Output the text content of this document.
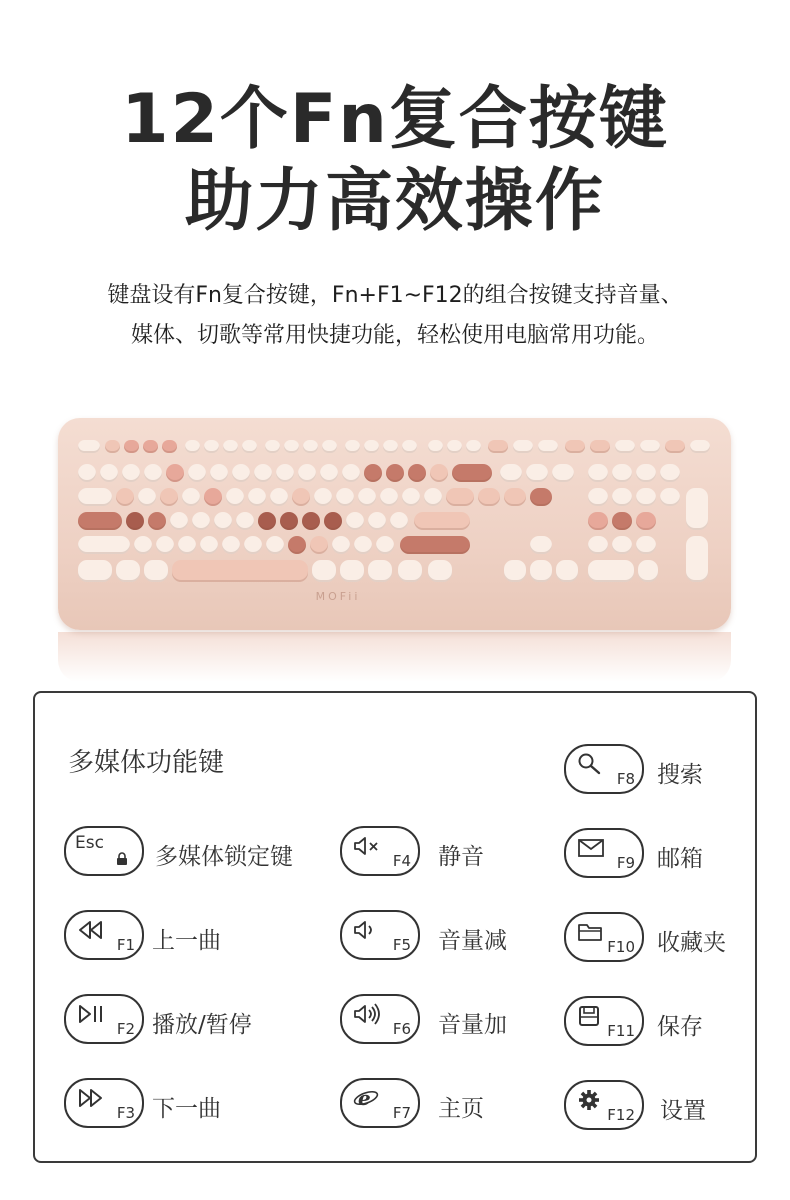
12个Fn复合按键
助力高效操作
键盘设有Fn复合按键，Fn+F1~F12的组合按键支持音量、
媒体、切歌等常用快捷功能，轻松使用电脑常用功能。
MOFii
多媒体功能键
Esc
多媒体锁定键
F1 上一曲
F2 播放/暂停
F3 下一曲
F4 静音
F5 音量减
F6 音量加
e
F7 主页
F8 搜索
F9 邮箱
F10 收藏夹
F11 保存
F12 设置
